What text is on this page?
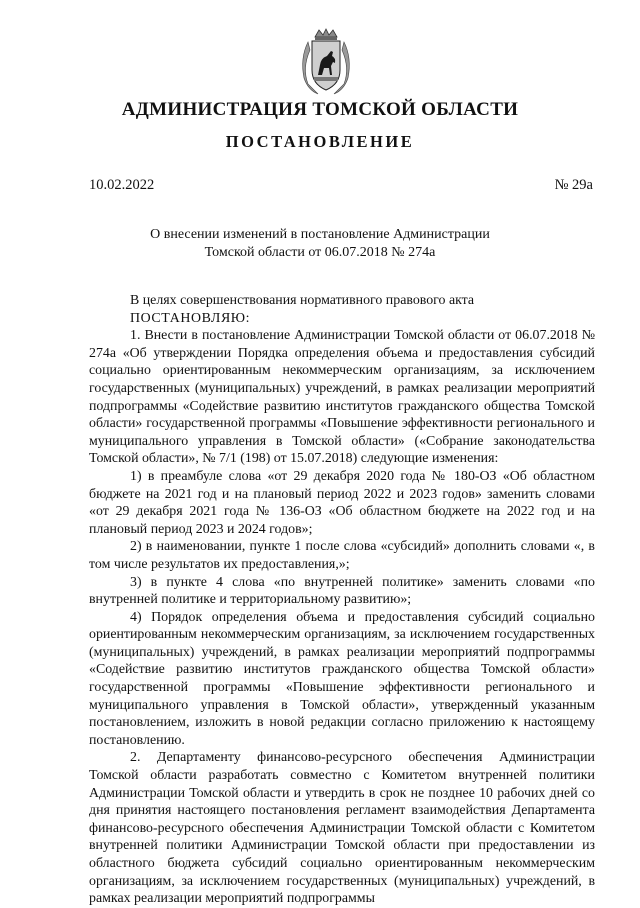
АДМИНИСТРАЦИЯ ТОМСКОЙ ОБЛАСТИ
ПОСТАНОВЛЕНИЕ
10.02.2022	№ 29а

О внесении изменений в постановление Администрации
Томской области от 06.07.2018 № 274а

В целях совершенствования нормативного правового акта

ПОСТАНОВЛЯЮ:

1. Внести в постановление Администрации Томской области от 06.07.2018 № 274а «Об утверждении Порядка определения объема и предоставления субсидий социально ориентированным некоммерческим организациям, за исключением государственных (муниципальных) учреждений, в рамках реализации мероприятий подпрограммы «Содействие развитию институтов гражданского общества Томской области» государственной программы «Повышение эффективности регионального и муниципального управления в Томской области» («Собрание законодательства Томской области», № 7/1 (198) от 15.07.2018) следующие изменения:

1) в преамбуле слова «от 29 декабря 2020 года № 180-ОЗ «Об областном бюджете на 2021 год и на плановый период 2022 и 2023 годов» заменить словами «от 29 декабря 2021 года № 136-ОЗ «Об областном бюджете на 2022 год и на плановый период 2023 и 2024 годов»;

2) в наименовании, пункте 1 после слова «субсидий» дополнить словами «, в том числе результатов их предоставления,»;

3) в пункте 4 слова «по внутренней политике» заменить словами «по внутренней политике и территориальному развитию»;

4) Порядок определения объема и предоставления субсидий социально ориентированным некоммерческим организациям, за исключением государственных (муниципальных) учреждений, в рамках реализации мероприятий подпрограммы «Содействие развитию институтов гражданского общества Томской области» государственной программы «Повышение эффективности регионального и муниципального управления в Томской области», утвержденный указанным постановлением, изложить в новой редакции согласно приложению к настоящему постановлению.

2. Департаменту финансово-ресурсного обеспечения Администрации Томской области разработать совместно с Комитетом внутренней политики Администрации Томской области и утвердить в срок не позднее 10 рабочих дней со дня принятия настоящего постановления регламент взаимодействия Департамента финансово-ресурсного обеспечения Администрации Томской области с Комитетом внутренней политики Администрации Томской области при предоставлении из областного бюджета субсидий социально ориентированным некоммерческим организациям, за исключением государственных (муниципальных) учреждений, в рамках реализации мероприятий подпрограммы
